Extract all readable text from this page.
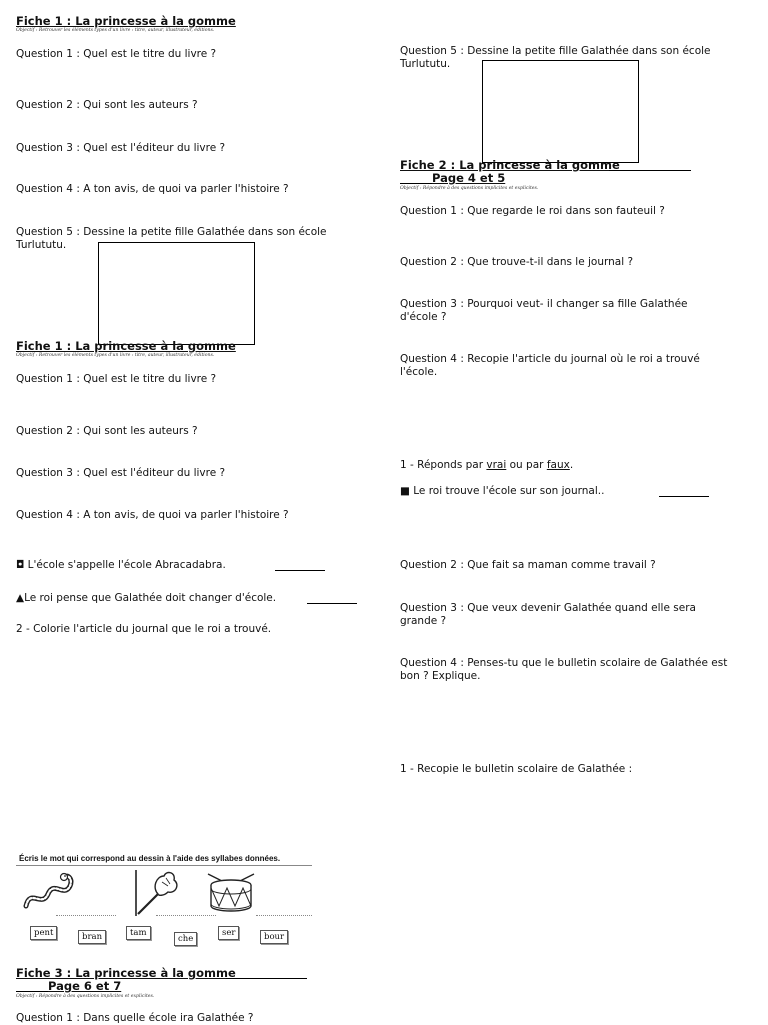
Fiche 1 : La princesse à la gomme
Objectif : Retrouver les éléments types d'un livre : titre, auteur, illustrateur, éditions.
Question 1 : Quel est le titre du livre ?
Question 2 : Qui sont les auteurs ?
Question 3 : Quel est l'éditeur du livre ?
Question 4 : A ton avis, de quoi va parler l'histoire ?
Question 5 : Dessine la petite fille Galathée dans son école
Turlututu.
Fiche 1 : La princesse à la gomme
Objectif : Retrouver les éléments types d'un livre : titre, auteur, illustrateur, éditions.
Question 1 : Quel est le titre du livre ?
Question 2 : Qui sont les auteurs ?
Question 3 : Quel est l'éditeur du livre ?
Question 4 : A ton avis, de quoi va parler l'histoire ?
◘ L'école s'appelle l'école Abracadabra.
▲Le roi pense que Galathée doit changer d'école.
2 - Colorie l'article du journal que le roi a trouvé.
Écris le mot qui correspond au dessin à l'aide des syllabes données.
pent	bran	tam
che
ser	bour
Fiche 3 : La princesse à la gomme
Page 6 et 7
Objectif : Répondre à des questions implicites et explicites.
Question 1 : Dans quelle école ira Galathée ?
Question 5 : Dessine la petite fille Galathée dans son école
Turlututu.
Fiche 2 : La princesse à la gomme
Page 4 et 5
Objectif : Répondre à des questions implicites et explicites.
Question 1 : Que regarde le roi dans son fauteuil ?
Question 2 : Que trouve-t-il dans le journal ?
Question 3 : Pourquoi veut- il changer sa fille Galathée
d'école ?
Question 4 : Recopie l'article du journal où le roi a trouvé
l'école.
1 - Réponds par vrai ou par faux.
■ Le roi trouve l'école sur son journal..
Question 2 : Que fait sa maman comme travail ?
Question 3 : Que veux devenir Galathée quand elle sera
grande ?
Question 4 : Penses-tu que le bulletin scolaire de Galathée est
bon ? Explique.
1 - Recopie le bulletin scolaire de Galathée :
